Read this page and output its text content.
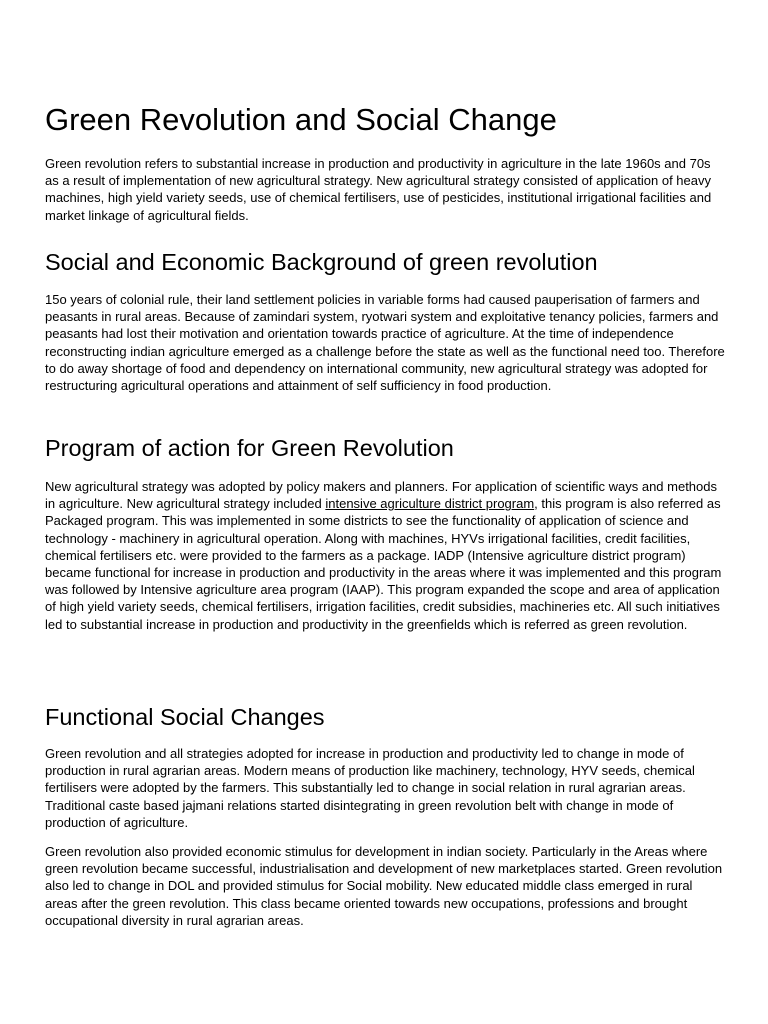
Green Revolution and Social Change

Green revolution refers to substantial increase in production and productivity in agriculture in the late 1960s and 70s as a result of implementation of new agricultural strategy. New agricultural strategy consisted of application of heavy machines, high yield variety seeds, use of chemical fertilisers, use of pesticides, institutional irrigational facilities and market linkage of agricultural fields.

Social and Economic Background of green revolution

15o years of colonial rule, their land settlement policies in variable forms had caused pauperisation of farmers and peasants in rural areas. Because of zamindari system, ryotwari system and exploitative tenancy policies, farmers and peasants had lost their motivation and orientation towards practice of agriculture. At the time of independence reconstructing indian agriculture emerged as a challenge before the state as well as the functional need too. Therefore to do away shortage of food and dependency on international community, new agricultural strategy was adopted for restructuring agricultural operations and attainment of self sufficiency in food production.

Program of action for Green Revolution

New agricultural strategy was adopted by policy makers and planners. For application of scientific ways and methods in agriculture. New agricultural strategy included intensive agriculture district program, this program is also referred as Packaged program. This was implemented in some districts to see the functionality of application of science and technology - machinery in agricultural operation. Along with machines, HYVs irrigational facilities, credit facilities, chemical fertilisers etc. were provided to the farmers as a package. IADP (Intensive agriculture district program) became functional for increase in production and productivity in the areas where it was implemented and this program was followed by Intensive agriculture area program (IAAP). This program expanded the scope and area of application of high yield variety seeds, chemical fertilisers, irrigation facilities, credit subsidies, machineries etc. All such initiatives led to substantial increase in production and productivity in the greenfields which is referred as green revolution.

Functional Social Changes

Green revolution and all strategies adopted for increase in production and productivity led to change in mode of production in rural agrarian areas. Modern means of production like machinery, technology, HYV seeds, chemical fertilisers were adopted by the farmers. This substantially led to change in social relation in rural agrarian areas. Traditional caste based jajmani relations started disintegrating in green revolution belt with change in mode of production of agriculture.

Green revolution also provided economic stimulus for development in indian society. Particularly in the Areas where green revolution became successful, industrialisation and development of new marketplaces started. Green revolution also led to change in DOL and provided stimulus for Social mobility. New educated middle class emerged in rural areas after the green revolution. This class became oriented towards new occupations, professions and brought occupational diversity in rural agrarian areas.
